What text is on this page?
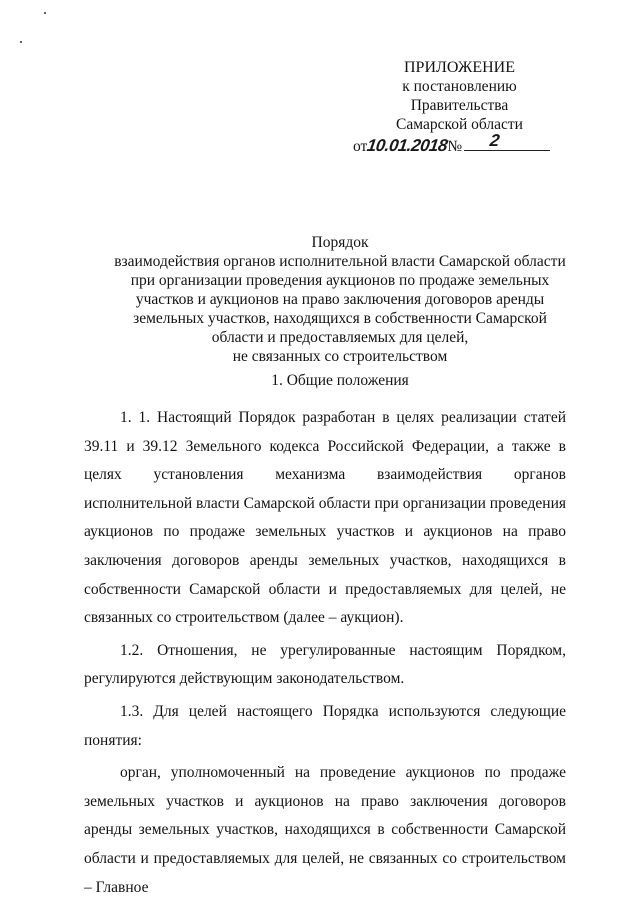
ПРИЛОЖЕНИЕ
к постановлению Правительства
Самарской области
от10.01.2018№ 2
Порядок
взаимодействия органов исполнительной власти Самарской области
при организации проведения аукционов по продаже земельных
участков и аукционов на право заключения договоров аренды
земельных участков, находящихся в собственности Самарской
области и предоставляемых для целей,
не связанных со строительством
1. Общие положения

1. 1. Настоящий Порядок разработан в целях реализации статей 39.11 и 39.12 Земельного кодекса Российской Федерации, а также в целях установления механизма взаимодействия органов исполнительной власти Самарской области при организации проведения аукционов по продаже земельных участков и аукционов на право заключения договоров аренды земельных участков, находящихся в собственности Самарской области и предоставляемых для целей, не связанных со строительством (далее – аукцион).

1.2. Отношения, не урегулированные настоящим Порядком, регулируются действующим законодательством.

1.3. Для целей настоящего Порядка используются следующие понятия:

орган, уполномоченный на проведение аукционов по продаже земельных участков и аукционов на право заключения договоров аренды земельных участков, находящихся в собственности Самарской области и предоставляемых для целей, не связанных со строительством – Главное
